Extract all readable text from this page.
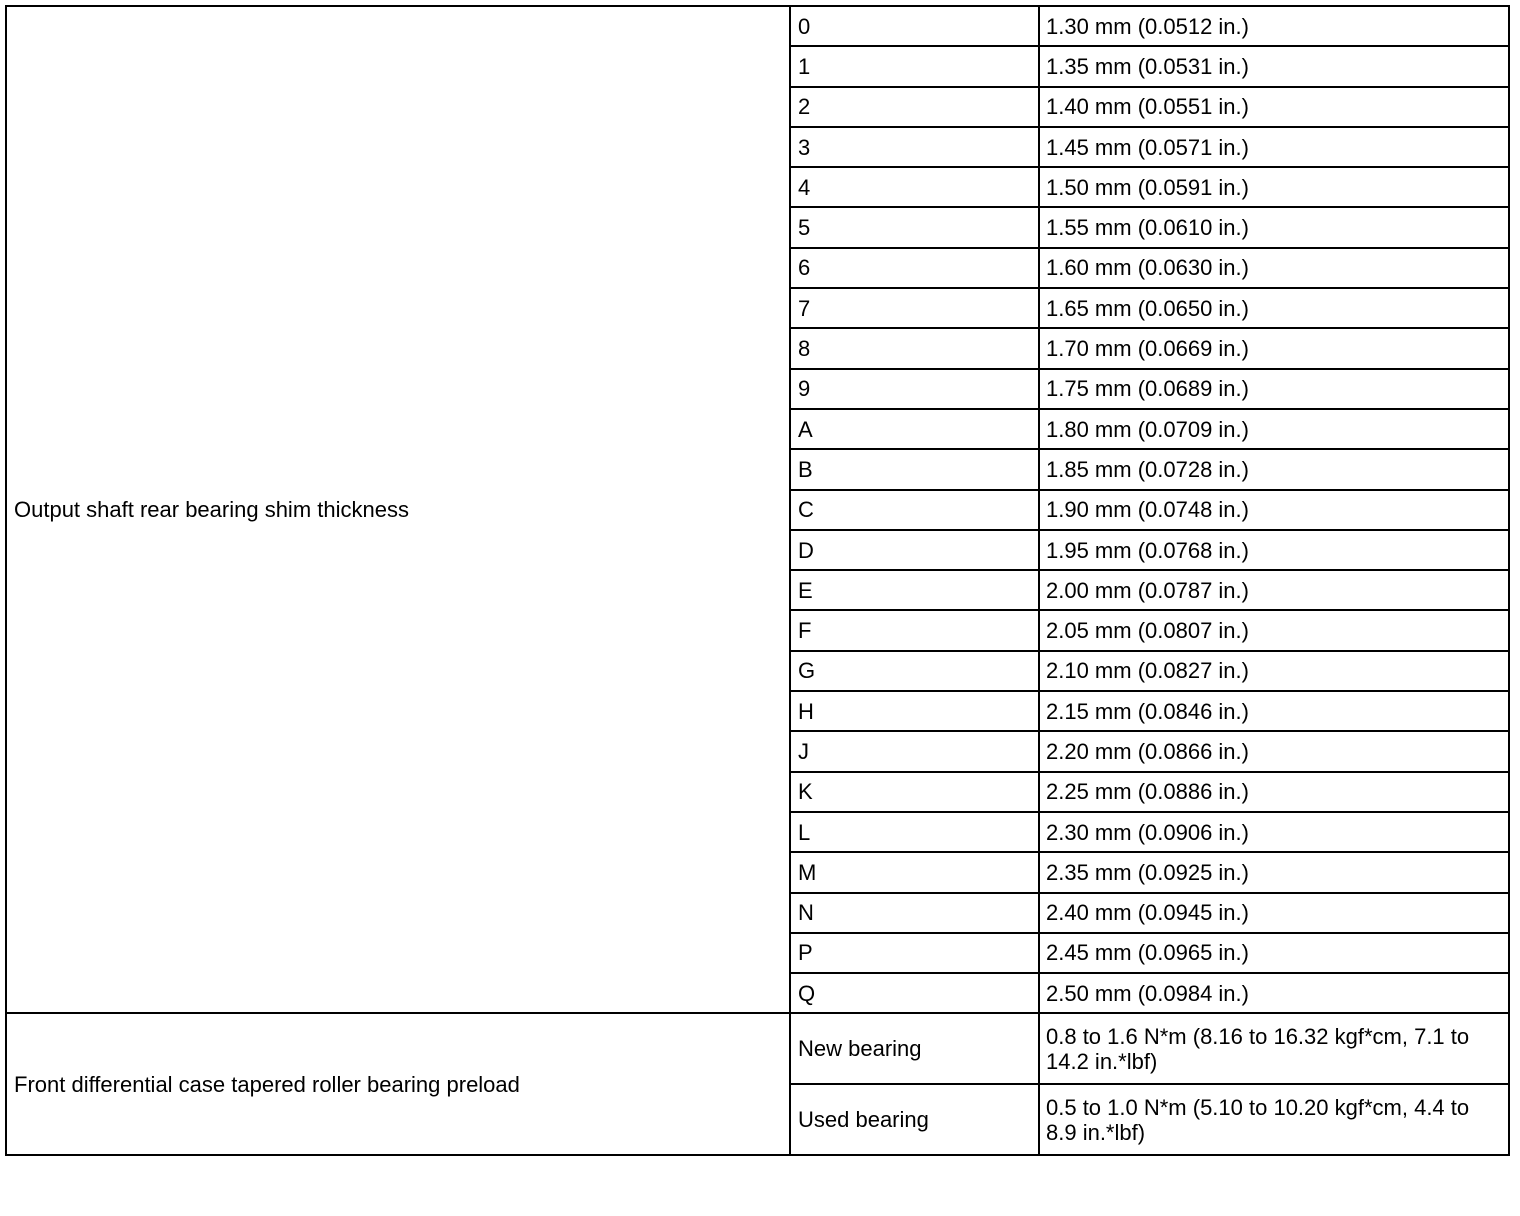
Output shaft rear bearing shim thickness	0	1.30 mm (0.0512 in.)
	1	1.35 mm (0.0531 in.)
	2	1.40 mm (0.0551 in.)
	3	1.45 mm (0.0571 in.)
	4	1.50 mm (0.0591 in.)
	5	1.55 mm (0.0610 in.)
	6	1.60 mm (0.0630 in.)
	7	1.65 mm (0.0650 in.)
	8	1.70 mm (0.0669 in.)
	9	1.75 mm (0.0689 in.)
	A	1.80 mm (0.0709 in.)
	B	1.85 mm (0.0728 in.)
	C	1.90 mm (0.0748 in.)
	D	1.95 mm (0.0768 in.)
	E	2.00 mm (0.0787 in.)
	F	2.05 mm (0.0807 in.)
	G	2.10 mm (0.0827 in.)
	H	2.15 mm (0.0846 in.)
	J	2.20 mm (0.0866 in.)
	K	2.25 mm (0.0886 in.)
	L	2.30 mm (0.0906 in.)
	M	2.35 mm (0.0925 in.)
	N	2.40 mm (0.0945 in.)
	P	2.45 mm (0.0965 in.)
	Q	2.50 mm (0.0984 in.)
Front differential case tapered roller bearing preload	New bearing	0.8 to 1.6 N*m (8.16 to 16.32 kgf*cm, 7.1 to 14.2 in.*lbf)
	Used bearing	0.5 to 1.0 N*m (5.10 to 10.20 kgf*cm, 4.4 to 8.9 in.*lbf)
